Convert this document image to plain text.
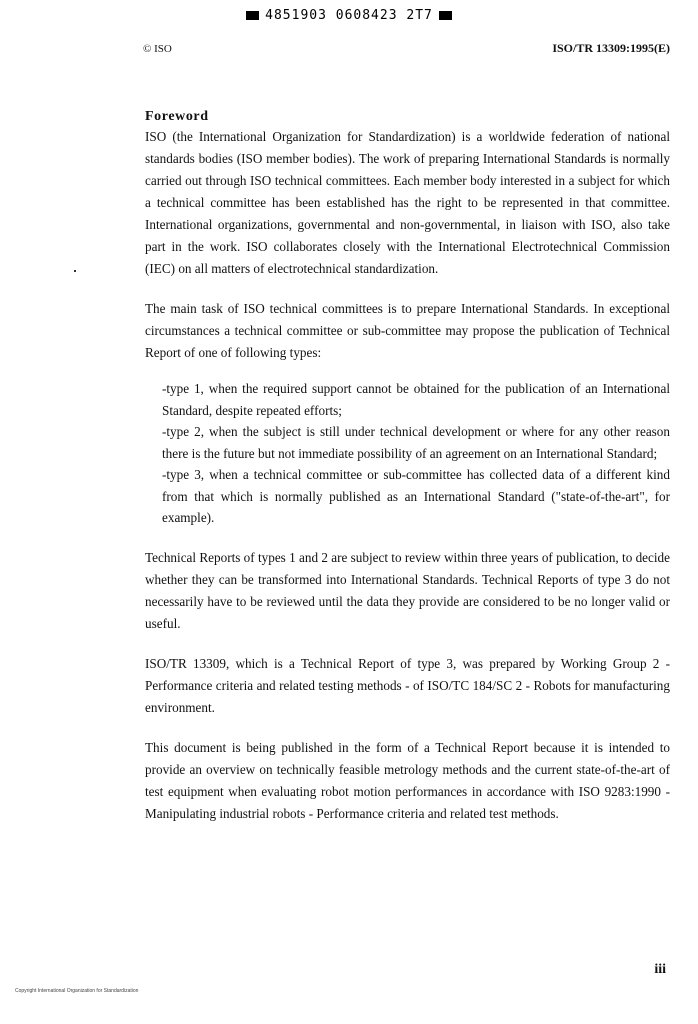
4851903 0608423 2T7
© ISO	ISO/TR 13309:1995(E)
Foreword

ISO (the International Organization for Standardization) is a worldwide federation of national standards bodies (ISO member bodies). The work of preparing International Standards is normally carried out through ISO technical committees. Each member body interested in a subject for which a technical committee has been established has the right to be represented in that committee. International organizations, governmental and non-governmental, in liaison with ISO, also take part in the work. ISO collaborates closely with the International Electrotechnical Commission (IEC) on all matters of electrotechnical standardization.

The main task of ISO technical committees is to prepare International Standards. In exceptional circumstances a technical committee or sub-committee may propose the publication of Technical Report of one of following types:

-type 1, when the required support cannot be obtained for the publication of an International Standard, despite repeated efforts;

-type 2, when the subject is still under technical development or where for any other reason there is the future but not immediate possibility of an agreement on an International Standard;

-type 3, when a technical committee or sub-committee has collected data of a different kind from that which is normally published as an International Standard ("state-of-the-art", for example).

Technical Reports of types 1 and 2 are subject to review within three years of publication, to decide whether they can be transformed into International Standards. Technical Reports of type 3 do not necessarily have to be reviewed until the data they provide are considered to be no longer valid or useful.

ISO/TR 13309, which is a Technical Report of type 3, was prepared by Working Group 2 - Performance criteria and related testing methods - of ISO/TC 184/SC 2 - Robots for manufacturing environment.

This document is being published in the form of a Technical Report because it is intended to provide an overview on technically feasible metrology methods and the current state-of-the-art of test equipment when evaluating robot motion performances in accordance with ISO 9283:1990 - Manipulating industrial robots - Performance criteria and related test methods.

iii
Copyright International Organization for Standardization
